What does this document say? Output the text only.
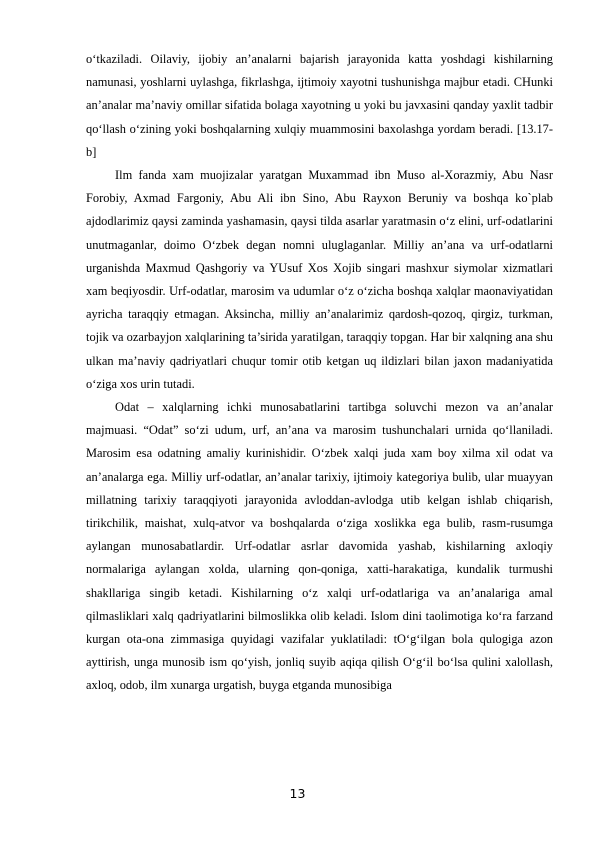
o‘tkaziladi. Oilaviy, ijobiy an’analarni bajarish jarayonida katta yoshdagi kishilarning namunasi, yoshlarni uylashga, fikrlashga, ijtimoiy xayotni tushunishga majbur etadi. CHunki an’analar ma’naviy omillar sifatida bolaga xayotning u yoki bu javxasini qanday yaxlit tadbir qo‘llash o‘zining yoki boshqalarning xulqiy muammosini baxolashga yordam beradi. [13.17-b]

Ilm fanda xam muojizalar yaratgan Muxammad ibn Muso al-Xorazmiy, Abu Nasr Forobiy, Axmad Fargoniy, Abu Ali ibn Sino, Abu Rayxon Beruniy va boshqa ko`plab ajdodlarimiz qaysi zaminda yashamasin, qaysi tilda asarlar yaratmasin o‘z elini, urf-odatlarini unutmaganlar, doimo O‘zbek degan nomni uluglaganlar. Milliy an’ana va urf-odatlarni urganishda Maxmud Qashgoriy va YUsuf Xos Xojib singari mashxur siymolar xizmatlari xam beqiyosdir. Urf-odatlar, marosim va udumlar o‘z o‘zicha boshqa xalqlar maonaviyatidan ayricha taraqqiy etmagan. Aksincha, milliy an’analarimiz qardosh-qozoq, qirgiz, turkman, tojik va ozarbayjon xalqlarining ta’sirida yaratilgan, taraqqiy topgan. Har bir xalqning ana shu ulkan ma’naviy qadriyatlari chuqur tomir otib ketgan uq ildizlari bilan jaxon madaniyatida o‘ziga xos urin tutadi.

Odat – xalqlarning ichki munosabatlarini tartibga soluvchi mezon va an’analar majmuasi. “Odat” so‘zi udum, urf, an’ana va marosim tushunchalari urnida qo‘llaniladi. Marosim esa odatning amaliy kurinishidir. O‘zbek xalqi juda xam boy xilma xil odat va an’analarga ega. Milliy urf-odatlar, an’analar tarixiy, ijtimoiy kategoriya bulib, ular muayyan millatning tarixiy taraqqiyoti jarayonida avloddan-avlodga utib kelgan ishlab chiqarish, tirikchilik, maishat, xulq-atvor va boshqalarda o‘ziga xoslikka ega bulib, rasm-rusumga aylangan munosabatlardir. Urf-odatlar asrlar davomida yashab, kishilarning axloqiy normalariga aylangan xolda, ularning qon-qoniga, xatti-harakatiga, kundalik turmushi shakllariga singib ketadi. Kishilarning o‘z xalqi urf-odatlariga va an’analariga amal qilmasliklari xalq qadriyatlarini bilmoslikka olib keladi. Islom dini taolimotiga ko‘ra farzand kurgan ota-ona zimmasiga quyidagi vazifalar yuklatiladi: tO‘g‘ilgan bola qulogiga azon ayttirish, unga munosib ism qo‘yish, jonliq suyib aqiqa qilish O‘g‘il bo‘lsa qulini xalollash, axloq, odob, ilm xunarga urgatish, buyga etganda munosibiga

13
